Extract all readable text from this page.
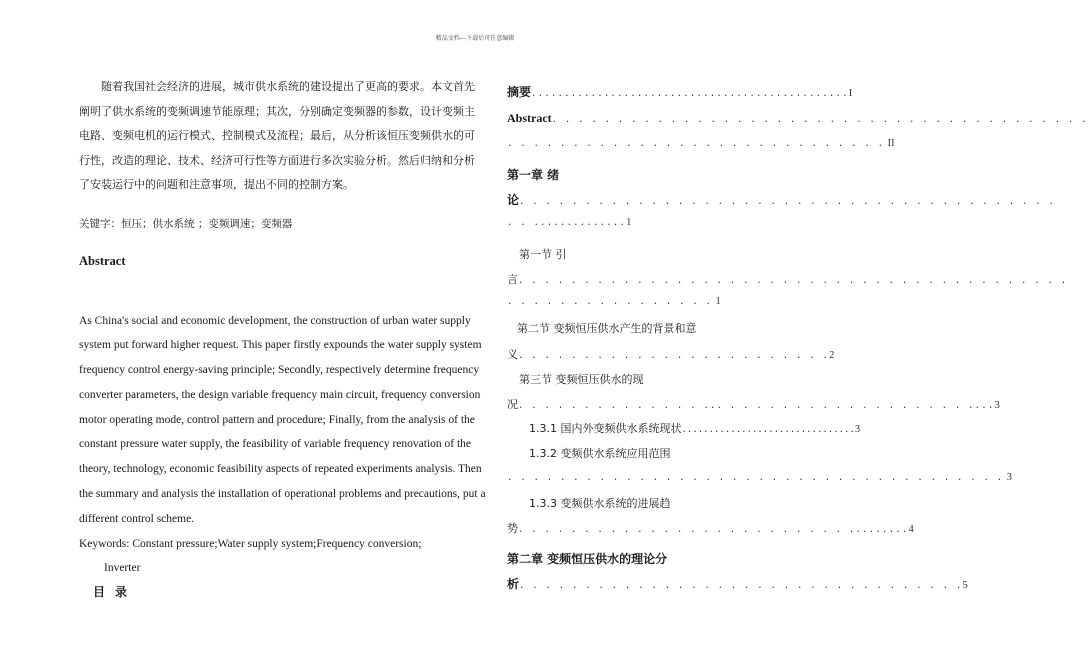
精品文档---下载后可任意编辑

随着我国社会经济的进展，城市供水系统的建设提出了更高的要求。本文首先阐明了供水系统的变频调速节能原理；其次，分别确定变频器的参数，设计变频主电路、变频电机的运行模式、控制模式及流程；最后，从分析该恒压变频供水的可行性，改造的理论、技术、经济可行性等方面进行多次实验分析。然后归纳和分析了安装运行中的问题和注意事项，提出不同的控制方案。

关键字：恒压；供水系统 ；变频调速；变频器
Abstract
As China's social and economic development, the construction of urban water supply
system put forward higher request. This paper firstly expounds the water supply system
frequency control energy-saving principle; Secondly, respectively determine frequency
converter parameters, the design variable frequency main circuit, frequency conversion
motor operating mode, control pattern and procedure; Finally, from the analysis of the
constant pressure water supply, the feasibility of variable frequency renovation of the
theory, technology, economic feasibility aspects of repeated experiments analysis. Then
the summary and analysis the installation of operational problems and precautions, put a
different control scheme.
Keywords: Constant pressure;Water supply system;Frequency conversion;
Inverter
目录
摘要................................................I
Abstract. . . . . . . . . . . . . . . . . . . . . . . . . . . . . . . . . . . . . . . . .
. . . . . . . . . . . . . . . . . . . . . . . . . . . . . II
第一章 绪
论. . . . . . . . . . . . . . . . . . . . . . . . . . . . . . . . . . . . . . . . .
. . ..............1
第一节 引
言. . . . . . . . . . . . . . . . . . . . . . . . . . . . . . . . . . . . . . . . . .
. . . . . . . . . . . . . . . . 1
第二节 变频恒压供水产生的背景和意
义. . . . . . . . . . . . . . . . . . . . . . . .2
第三节 变频恒压供水的现
况. . . . . . . . . . . . . . ... . . . . . . . . . . . . . . . . . . ....3
1.3.1 国内外变频供水系统现状................................3
1.3.2 变频供水系统应用范围
. . . . . . . . . . . . . . . . . . . . . . . . . . . . . . . . . . . . . . 3
1.3.3 变频供水系统的进展趋
势. . . . . . . . . . . . . . . . . . . . . . . . . .........4
第二章 变频恒压供水的理论分
析. . . . . . . . . . . . . . . . . . . . . . . . . . . . . . . . . .5
